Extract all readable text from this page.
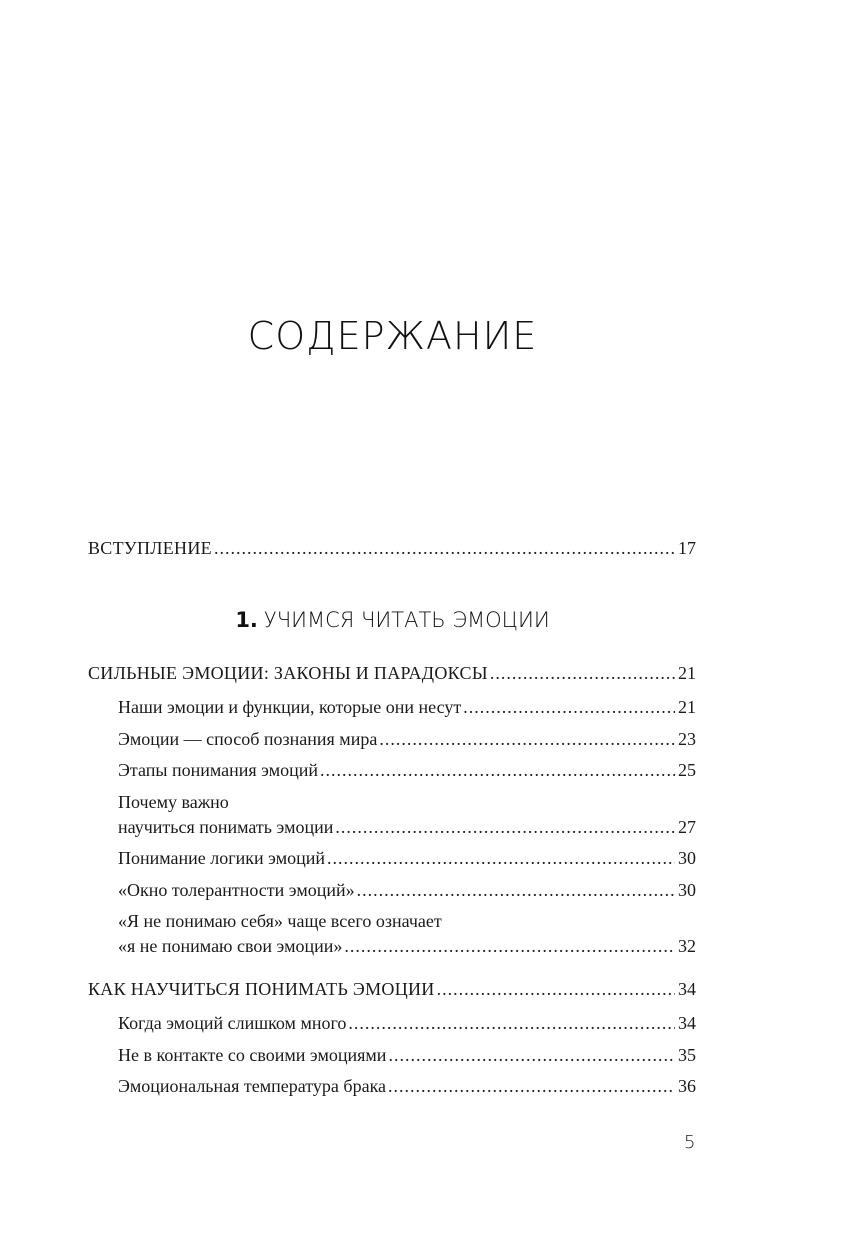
СОДЕРЖАНИЕ
ВСТУПЛЕНИЕ .....	17
СИЛЬНЫЕ ЭМОЦИИ: ЗАКОНЫ И ПАРАДОКСЫ .....	21
Наши эмоции и функции, которые они несут .....	21
Эмоции — способ познания мира .....	23
Этапы понимания эмоций .....	25
Почему важно
научиться понимать эмоции .....	27
Понимание логики эмоций .....	30
«Окно толерантности эмоций» .....	30
«Я не понимаю себя» чаще всего означает
«я не понимаю свои эмоции» .....	32
КАК НАУЧИТЬСЯ ПОНИМАТЬ ЭМОЦИИ .....	34
Когда эмоций слишком много .....	34
Не в контакте со своими эмоциями .....	35
Эмоциональная температура брака .....	36
1. УЧИМСЯ ЧИТАТЬ ЭМОЦИИ
5
